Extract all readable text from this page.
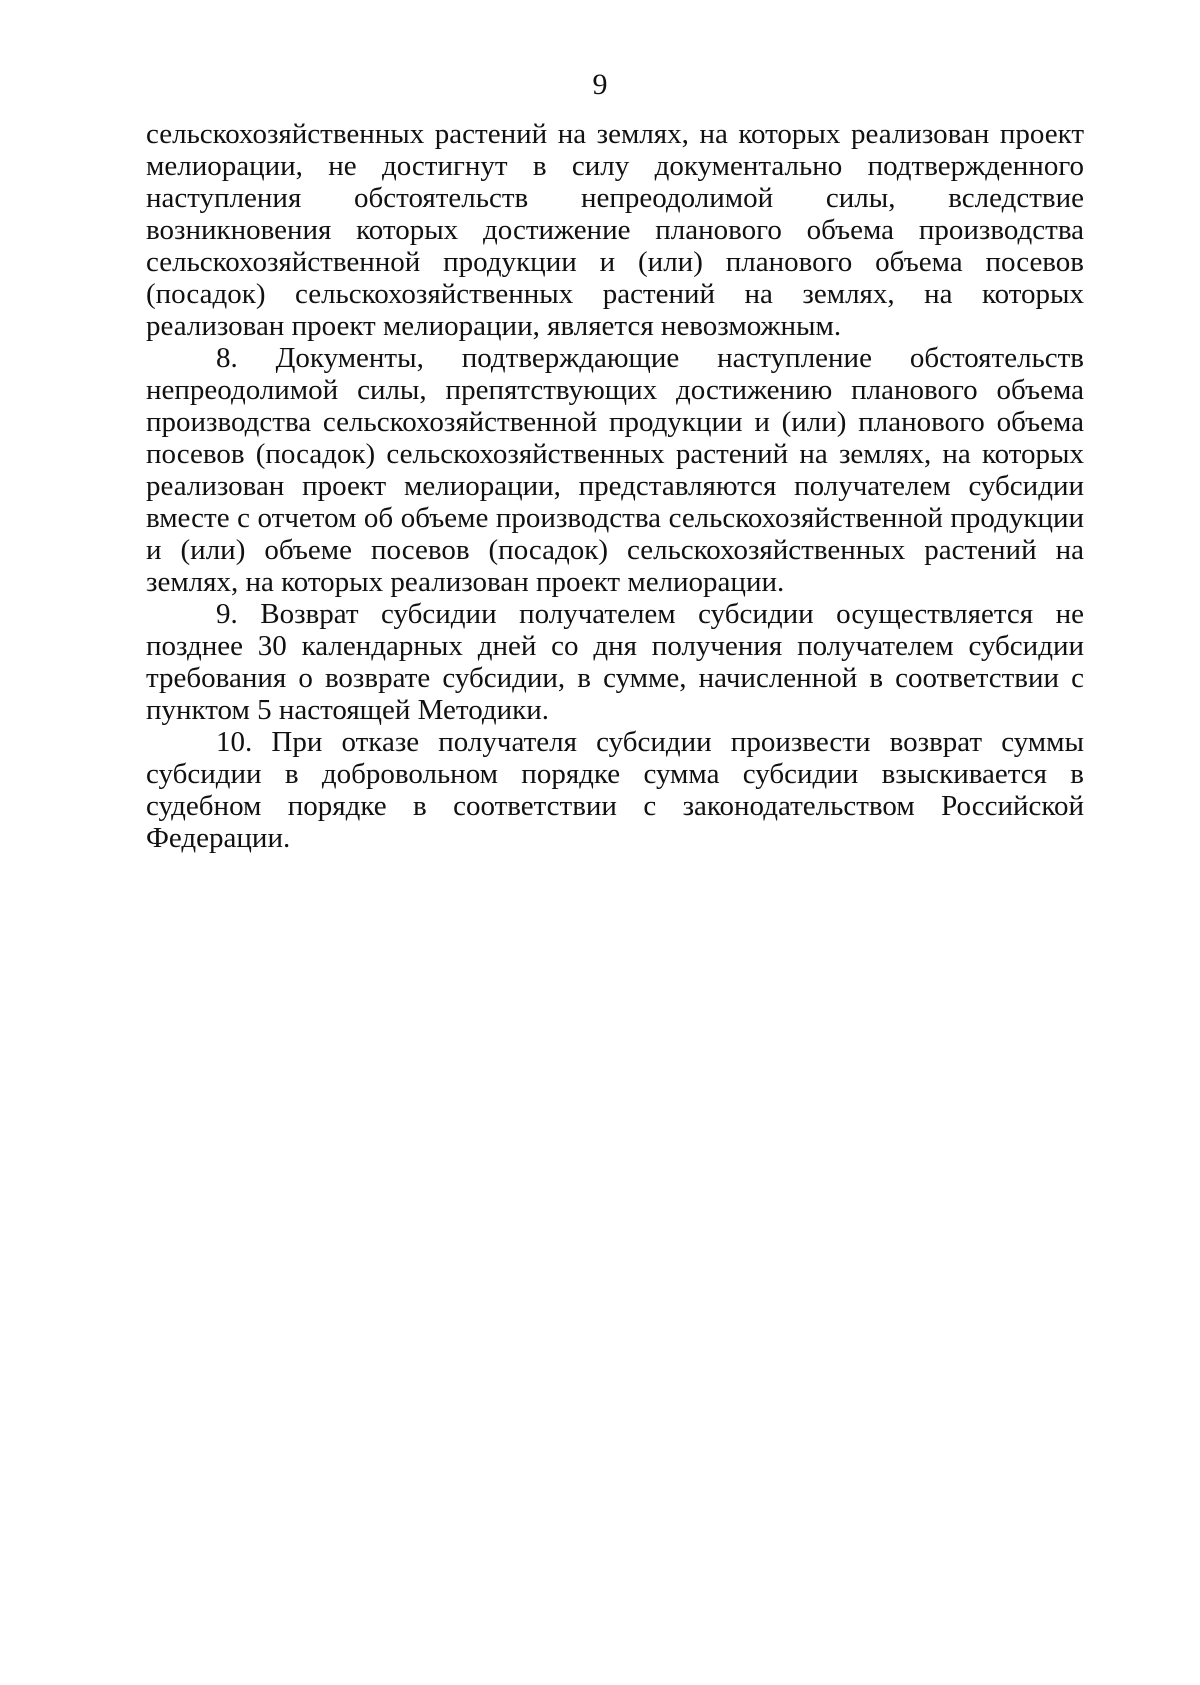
9

сельскохозяйственных растений на землях, на которых реализован проект мелиорации, не достигнут в силу документально подтвержденного наступления обстоятельств непреодолимой силы, вследствие возникновения которых достижение планового объема производства сельскохозяйственной продукции и (или) планового объема посевов (посадок) сельскохозяйственных растений на землях, на которых реализован проект мелиорации, является невозможным.

8. Документы, подтверждающие наступление обстоятельств непреодолимой силы, препятствующих достижению планового объема производства сельскохозяйственной продукции и (или) планового объема посевов (посадок) сельскохозяйственных растений на землях, на которых реализован проект мелиорации, представляются получателем субсидии вместе с отчетом об объеме производства сельскохозяйственной продукции и (или) объеме посевов (посадок) сельскохозяйственных растений на землях, на которых реализован проект мелиорации.

9. Возврат субсидии получателем субсидии осуществляется не позднее 30 календарных дней со дня получения получателем субсидии требования о возврате субсидии, в сумме, начисленной в соответствии с пунктом 5 настоящей Методики.

10. При отказе получателя субсидии произвести возврат суммы субсидии в добровольном порядке сумма субсидии взыскивается в судебном порядке в соответствии с законодательством Российской Федерации.
